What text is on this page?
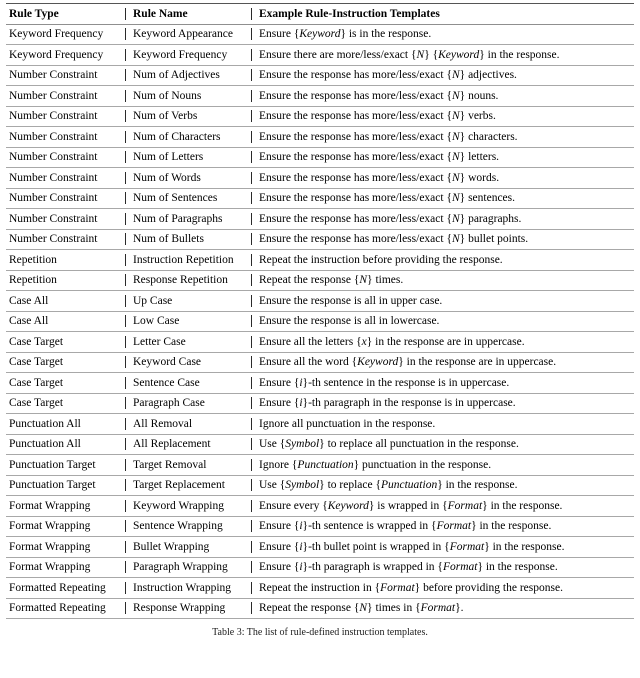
Rule Type	Rule Name	Example Rule-Instruction Templates
Keyword Frequency	Keyword Appearance	Ensure { Keyword } is in the response.
Keyword Frequency	Keyword Frequency	Ensure there are more/less/exact { N } { Keyword } in the response.
Number Constraint	Num of Adjectives	Ensure the response has more/less/exact { N } adjectives.
Number Constraint	Num of Nouns	Ensure the response has more/less/exact { N } nouns.
Number Constraint	Num of Verbs	Ensure the response has more/less/exact { N } verbs.
Number Constraint	Num of Characters	Ensure the response has more/less/exact { N } characters.
Number Constraint	Num of Letters	Ensure the response has more/less/exact { N } letters.
Number Constraint	Num of Words	Ensure the response has more/less/exact { N } words.
Number Constraint	Num of Sentences	Ensure the response has more/less/exact { N } sentences.
Number Constraint	Num of Paragraphs	Ensure the response has more/less/exact { N } paragraphs.
Number Constraint	Num of Bullets	Ensure the response has more/less/exact { N } bullet points.
Repetition	Instruction Repetition	Repeat the instruction before providing the response.
Repetition	Response Repetition	Repeat the response { N } times.
Case All	Up Case	Ensure the response is all in upper case.
Case All	Low Case	Ensure the response is all in lowercase.
Case Target	Letter Case	Ensure all the letters { x } in the response are in uppercase.
Case Target	Keyword Case	Ensure all the word { Keyword } in the response are in uppercase.
Case Target	Sentence Case	Ensure { i }-th sentence in the response is in uppercase.
Case Target	Paragraph Case	Ensure { i }-th paragraph in the response is in uppercase.
Punctuation All	All Removal	Ignore all punctuation in the response.
Punctuation All	All Replacement	Use { Symbol } to replace all punctuation in the response.
Punctuation Target	Target Removal	Ignore { Punctuation } punctuation in the response.
Punctuation Target	Target Replacement	Use { Symbol } to replace { Punctuation } in the response.
Format Wrapping	Keyword Wrapping	Ensure every { Keyword } is wrapped in { Format } in the response.
Format Wrapping	Sentence Wrapping	Ensure { i }-th sentence is wrapped in { Format } in the response.
Format Wrapping	Bullet Wrapping	Ensure { i }-th bullet point is wrapped in { Format } in the response.
Format Wrapping	Paragraph Wrapping	Ensure { i }-th paragraph is wrapped in { Format } in the response.
Formatted Repeating	Instruction Wrapping	Repeat the instruction in { Format } before providing the response.
Formatted Repeating	Response Wrapping	Repeat the response { N } times in { Format }.
Table 3: The list of rule-defined instruction templates.
